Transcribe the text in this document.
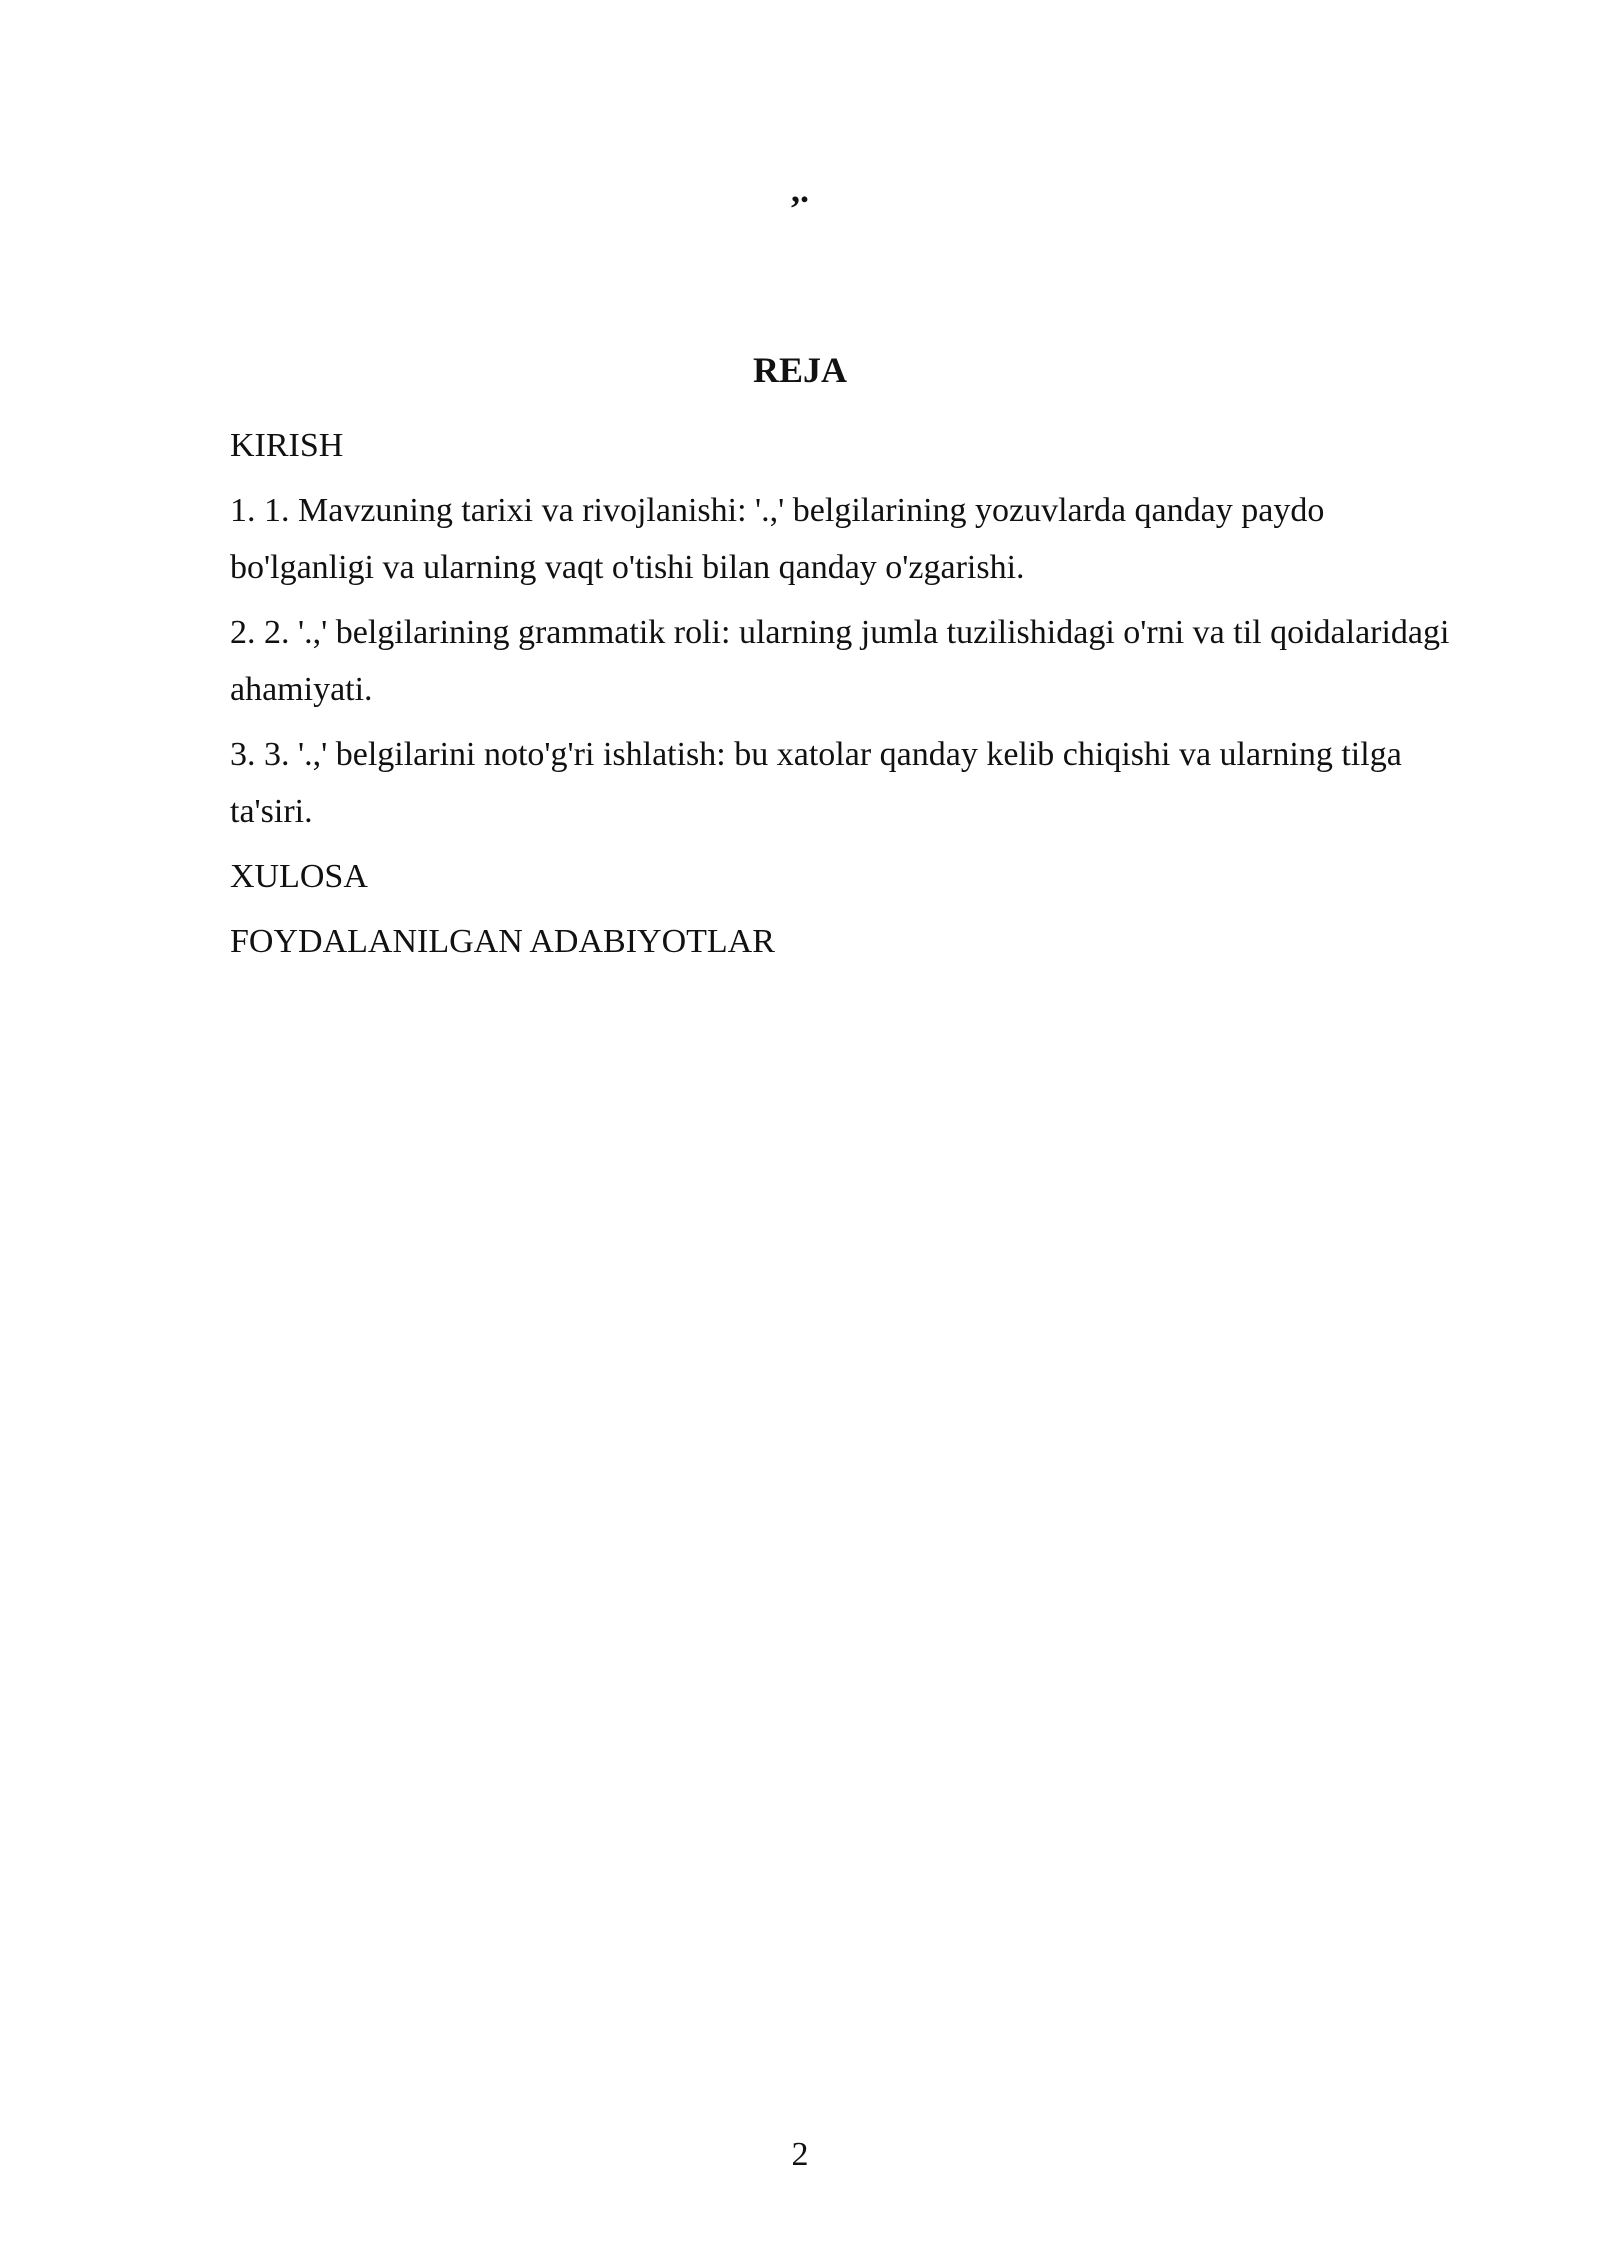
,.
REJA
KIRISH
1. 1. Mavzuning tarixi va rivojlanishi: '.,' belgilarining yozuvlarda qanday paydo bo'lganligi va ularning vaqt o'tishi bilan qanday o'zgarishi.
2. 2. '.,' belgilarining grammatik roli: ularning jumla tuzilishidagi o'rni va til qoidalaridagi ahamiyati.
3. 3. '.,' belgilarini noto'g'ri ishlatish: bu xatolar qanday kelib chiqishi va ularning tilga ta'siri.
XULOSA
FOYDALANILGAN ADABIYOTLAR
2
